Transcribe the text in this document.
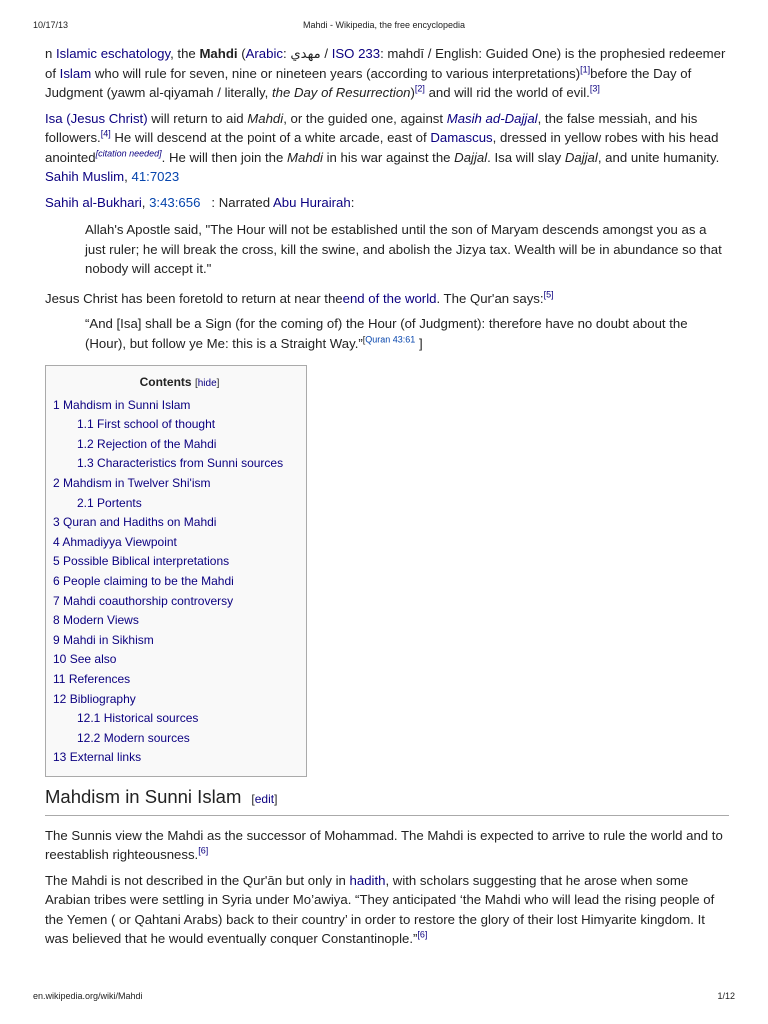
10/17/13	Mahdi - Wikipedia, the free encyclopedia

n Islamic eschatology, the Mahdi (Arabic: مهدي / ISO 233: mahdī / English: Guided One) is the prophesied redeemer of Islam who will rule for seven, nine or nineteen years (according to various interpretations)[1]before the Day of Judgment (yawm al-qiyamah / literally, the Day of Resurrection)[2] and will rid the world of evil.[3]

Isa (Jesus Christ) will return to aid Mahdi, or the guided one, against Masih ad-Dajjal, the false messiah, and his followers.[4] He will descend at the point of a white arcade, east of Damascus, dressed in yellow robes with his head anointed[citation needed]. He will then join the Mahdi in his war against the Dajjal. Isa will slay Dajjal, and unite humanity. Sahih Muslim, 41:7023

Sahih al-Bukhari, 3:43:656   : Narrated Abu Hurairah:

Allah's Apostle said, "The Hour will not be established until the son of Maryam descends amongst you as a just ruler; he will break the cross, kill the swine, and abolish the Jizya tax. Wealth will be in abundance so that nobody will accept it."

Jesus Christ has been foretold to return at near theend of the world. The Qur'an says:[5]

“And [Isa] shall be a Sign (for the coming of) the Hour (of Judgment): therefore have no doubt about the (Hour), but follow ye Me: this is a Straight Way.”$^{[Quran 43:61}$ ]
Contents [hide]
1 Mahdism in Sunni Islam
1.1 First school of thought
1.2 Rejection of the Mahdi
1.3 Characteristics from Sunni sources
2 Mahdism in Twelver Shi'ism
2.1 Portents
3 Quran and Hadiths on Mahdi
4 Ahmadiyya Viewpoint
5 Possible Biblical interpretations
6 People claiming to be the Mahdi
7 Mahdi coauthorship controversy
8 Modern Views
9 Mahdi in Sikhism
10 See also
11 References
12 Bibliography
12.1 Historical sources
12.2 Modern sources
13 External links
Mahdism in Sunni Islam [edit]

The Sunnis view the Mahdi as the successor of Mohammad. The Mahdi is expected to arrive to rule the world and to reestablish righteousness.[6]

The Mahdi is not described in the Qur'ān but only in hadith, with scholars suggesting that he arose when some Arabian tribes were settling in Syria under Mo’awiya. “They anticipated ‘the Mahdi who will lead the rising people of the Yemen ( or Qahtani Arabs) back to their country’ in order to restore the glory of their lost Himyarite kingdom. It was believed that he would eventually conquer Constantinople.”[6]

en.wikipedia.org/wiki/Mahdi	1/12
